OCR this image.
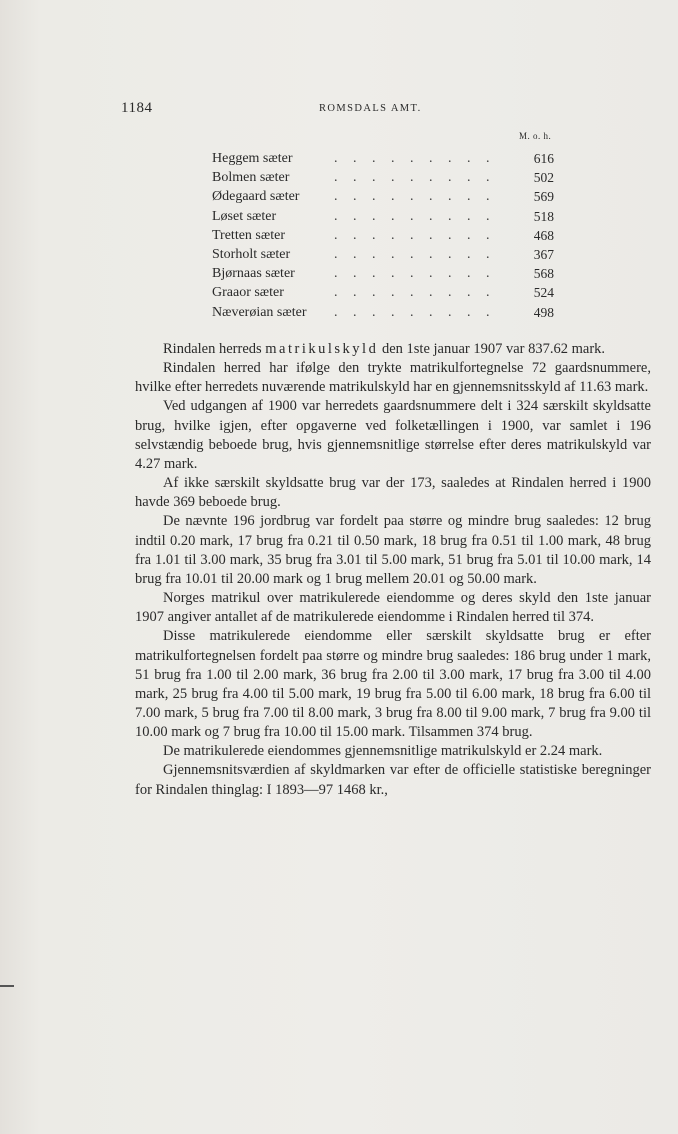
1184	ROMSDALS AMT.
M. o. h.
Heggem sæter	. . . . . . . . .	616
Bolmen sæter	. . . . . . . . .	502
Ødegaard sæter . . . . . . . . .	569
Løset sæter	. . . . . . . . .	518
Tretten sæter	. . . . . . . . .	468
Storholt sæter	. . . . . . . . .	367
Bjørnaas sæter	. . . . . . . . .	568
Graaor sæter	. . . . . . . . .	524
Næverøian sæter . . . . . . . . .	498

Rindalen herreds matrikulskyld den 1ste januar 1907 var 837.62 mark.

Rindalen herred har ifølge den trykte matrikulfortegnelse 72 gaardsnummere, hvilke efter herredets nuværende matrikulskyld har en gjennemsnitsskyld af 11.63 mark.

Ved udgangen af 1900 var herredets gaardsnummere delt i 324 særskilt skyldsatte brug, hvilke igjen, efter opgaverne ved folketællingen i 1900, var samlet i 196 selvstændig beboede brug, hvis gjennemsnitlige størrelse efter deres matrikulskyld var 4.27 mark.

Af ikke særskilt skyldsatte brug var der 173, saaledes at Rindalen herred i 1900 havde 369 beboede brug.

De nævnte 196 jordbrug var fordelt paa større og mindre brug saaledes: 12 brug indtil 0.20 mark, 17 brug fra 0.21 til 0.50 mark, 18 brug fra 0.51 til 1.00 mark, 48 brug fra 1.01 til 3.00 mark, 35 brug fra 3.01 til 5.00 mark, 51 brug fra 5.01 til 10.00 mark, 14 brug fra 10.01 til 20.00 mark og 1 brug mellem 20.01 og 50.00 mark.

Norges matrikul over matrikulerede eiendomme og deres skyld den 1ste januar 1907 angiver antallet af de matrikulerede eiendomme i Rindalen herred til 374.

Disse matrikulerede eiendomme eller særskilt skyldsatte brug er efter matrikulfortegnelsen fordelt paa større og mindre brug saaledes: 186 brug under 1 mark, 51 brug fra 1.00 til 2.00 mark, 36 brug fra 2.00 til 3.00 mark, 17 brug fra 3.00 til 4.00 mark, 25 brug fra 4.00 til 5.00 mark, 19 brug fra 5.00 til 6.00 mark, 18 brug fra 6.00 til 7.00 mark, 5 brug fra 7.00 til 8.00 mark, 3 brug fra 8.00 til 9.00 mark, 7 brug fra 9.00 til 10.00 mark og 7 brug fra 10.00 til 15.00 mark. Tilsammen 374 brug.

De matrikulerede eiendommes gjennemsnitlige matrikulskyld er 2.24 mark.

Gjennemsnitsværdien af skyldmarken var efter de officielle statistiske beregninger for Rindalen thinglag: I 1893—97 1468 kr.,
